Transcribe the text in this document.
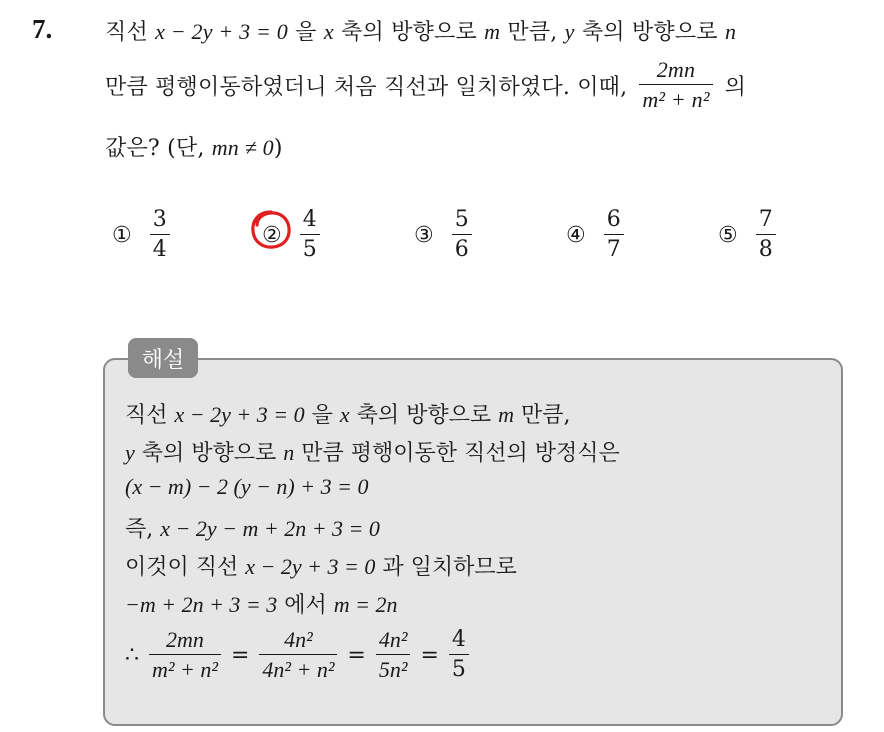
7. 직선 x − 2y + 3 = 0 을 x 축의 방향으로 m 만큼, y 축의 방향으로 n
만큼 평행이동하였더니 처음 직선과 일치하였다. 이때, $\frac{2mn}{\text{m² + n²}}$ 의
값은? (단, mn ≠ 0)
① $\frac{3}{4}$	② $\frac{4}{5}$	③ $\frac{5}{6}$	④ $\frac{6}{7}$	⑤ $\frac{7}{8}$
해설
직선 x − 2y + 3 = 0 을 x 축의 방향으로 m 만큼,
y 축의 방향으로 n 만큼 평행이동한 직선의 방정식은
(x − m) − 2 (y − n) + 3 = 0
즉, x − 2y − m + 2n + 3 = 0
이것이 직선 x − 2y + 3 = 0 과 일치하므로
−m + 2n + 3 = 3 에서 m = 2n
∴ $\frac{2mn}{\text{m² + n²}} = \frac{\text{4n²}}{\text{4n² + n²}} = \frac{\text{4n²}}{\text{5n²}} = \frac{4}{5}$
